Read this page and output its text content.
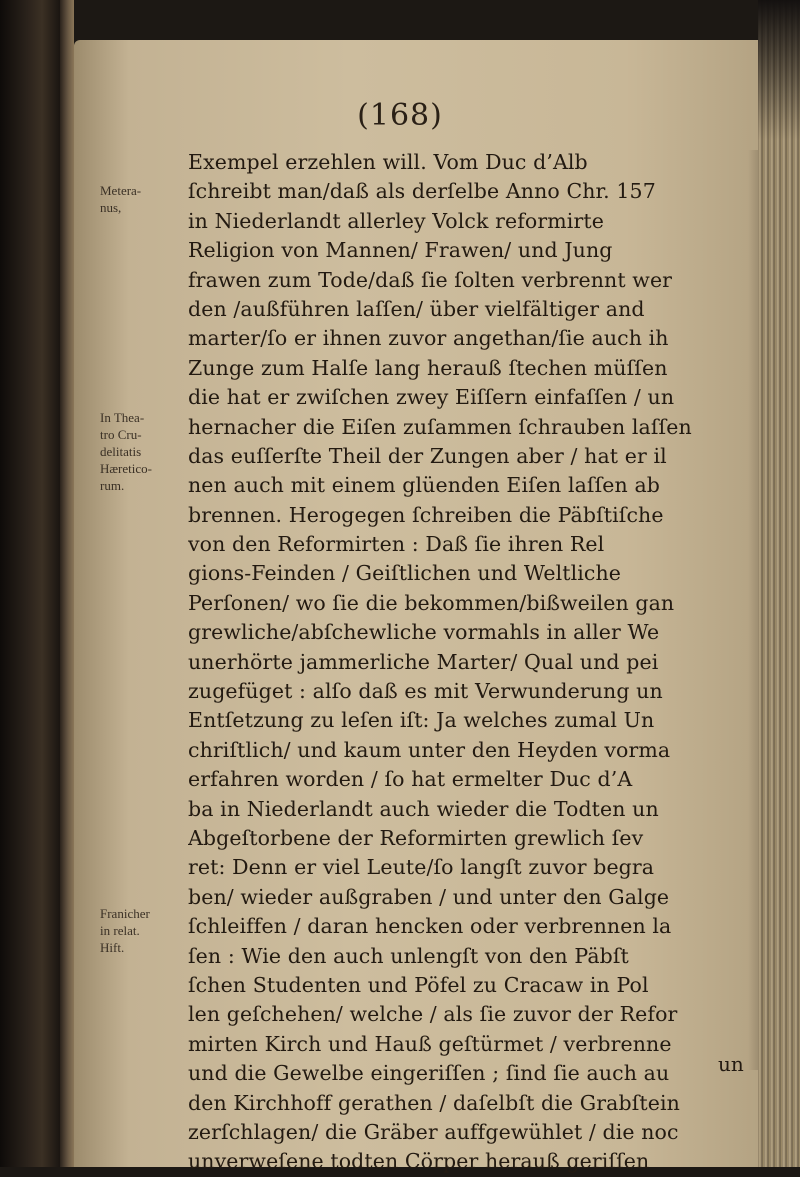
(168)
Metera-
nus,
In Thea-
tro Cru-
delitatis
Hæretico-
rum.
Franicher
in relat.
Hift.
Exempel erzehlen will. Vom Duc d’Alb
ſchreibt man/daß als derſelbe Anno Chr. 157
in Niederlandt allerley Volck reformirte
Religion von Mannen/ Frawen/ und Jung
frawen zum Tode/daß ſie ſolten verbrennt wer
den /außführen laſſen/ über vielfältiger and
marter/ſo er ihnen zuvor angethan/ſie auch ih
Zunge zum Halſe lang herauß ſtechen müſſen
die hat er zwiſchen zwey Eiſſern einfaſſen / un
hernacher die Eiſen zuſammen ſchrauben laſſen
das euſſerſte Theil der Zungen aber / hat er il
nen auch mit einem glüenden Eiſen laſſen ab
brennen. Herogegen ſchreiben die Päbſtiſche
von den Reformirten : Daß ſie ihren Rel
gions-Feinden / Geiſtlichen und Weltliche
Perſonen/ wo ſie die bekommen/bißweilen gan
grewliche/abſchewliche vormahls in aller We
unerhörte jammerliche Marter/ Qual und pei
zugefüget : alſo daß es mit Verwunderung un
Entſetzung zu leſen iſt: Ja welches zumal Un
chriſtlich/ und kaum unter den Heyden vorma
erfahren worden / ſo hat ermelter Duc d’A
ba in Niederlandt auch wieder die Todten un
Abgeſtorbene der Reformirten grewlich ſev
ret: Denn er viel Leute/ſo langſt zuvor begra
ben/ wieder außgraben / und unter den Galge
ſchleiffen / daran hencken oder verbrennen la
ſen : Wie den auch unlengſt von den Päbſt
ſchen Studenten und Pöfel zu Cracaw in Pol
len geſchehen/ welche / als ſie zuvor der Refor
mirten Kirch und Hauß geſtürmet / verbrenne
und die Gewelbe eingeriſſen ; ſind ſie auch au
den Kirchhoff gerathen / daſelbſt die Grabſtein
zerſchlagen/ die Gräber auffgewühlet / die noc
unverweſene todten Cörper herauß geriſſen
un
